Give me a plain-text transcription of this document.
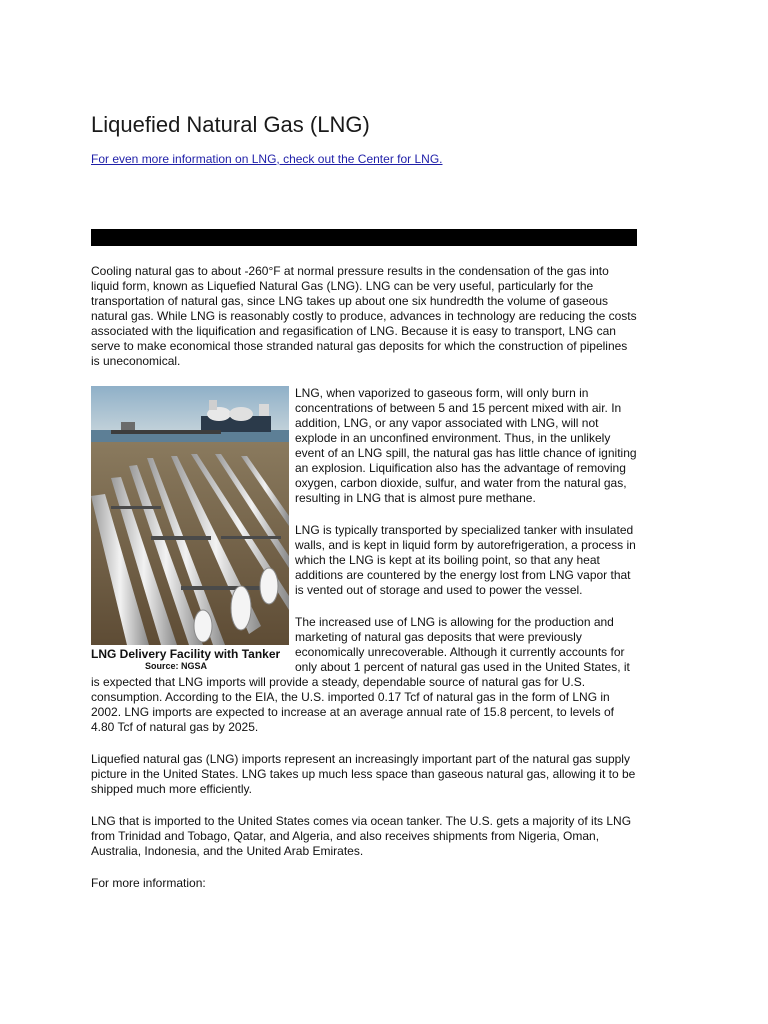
Liquefied Natural Gas (LNG)
For even more information on LNG, check out the Center for LNG.

Cooling natural gas to about -260°F at normal pressure results in the condensation of the gas into liquid form, known as Liquefied Natural Gas (LNG). LNG can be very useful, particularly for the transportation of natural gas, since LNG takes up about one six hundredth the volume of gaseous natural gas. While LNG is reasonably costly to produce, advances in technology are reducing the costs associated with the liquification and regasification of LNG. Because it is easy to transport, LNG can serve to make economical those stranded natural gas deposits for which the construction of pipelines is uneconomical.

LNG Delivery Facility with Tanker
Source: NGSA

LNG, when vaporized to gaseous form, will only burn in concentrations of between 5 and 15 percent mixed with air. In addition, LNG, or any vapor associated with LNG, will not explode in an unconfined environment. Thus, in the unlikely event of an LNG spill, the natural gas has little chance of igniting an explosion. Liquification also has the advantage of removing oxygen, carbon dioxide, sulfur, and water from the natural gas, resulting in LNG that is almost pure methane.

LNG is typically transported by specialized tanker with insulated walls, and is kept in liquid form by autorefrigeration, a process in which the LNG is kept at its boiling point, so that any heat additions are countered by the energy lost from LNG vapor that is vented out of storage and used to power the vessel.

The increased use of LNG is allowing for the production and marketing of natural gas deposits that were previously economically unrecoverable. Although it currently accounts for only about 1 percent of natural gas used in the United States, it is expected that LNG imports will provide a steady, dependable source of natural gas for U.S. consumption. According to the EIA, the U.S. imported 0.17 Tcf of natural gas in the form of LNG in 2002. LNG imports are expected to increase at an average annual rate of 15.8 percent, to levels of 4.80 Tcf of natural gas by 2025.

Liquefied natural gas (LNG) imports represent an increasingly important part of the natural gas supply picture in the United States. LNG takes up much less space than gaseous natural gas, allowing it to be shipped much more efficiently.

LNG that is imported to the United States comes via ocean tanker. The U.S. gets a majority of its LNG from Trinidad and Tobago, Qatar, and Algeria, and also receives shipments from Nigeria, Oman, Australia, Indonesia, and the United Arab Emirates.

For more information:
